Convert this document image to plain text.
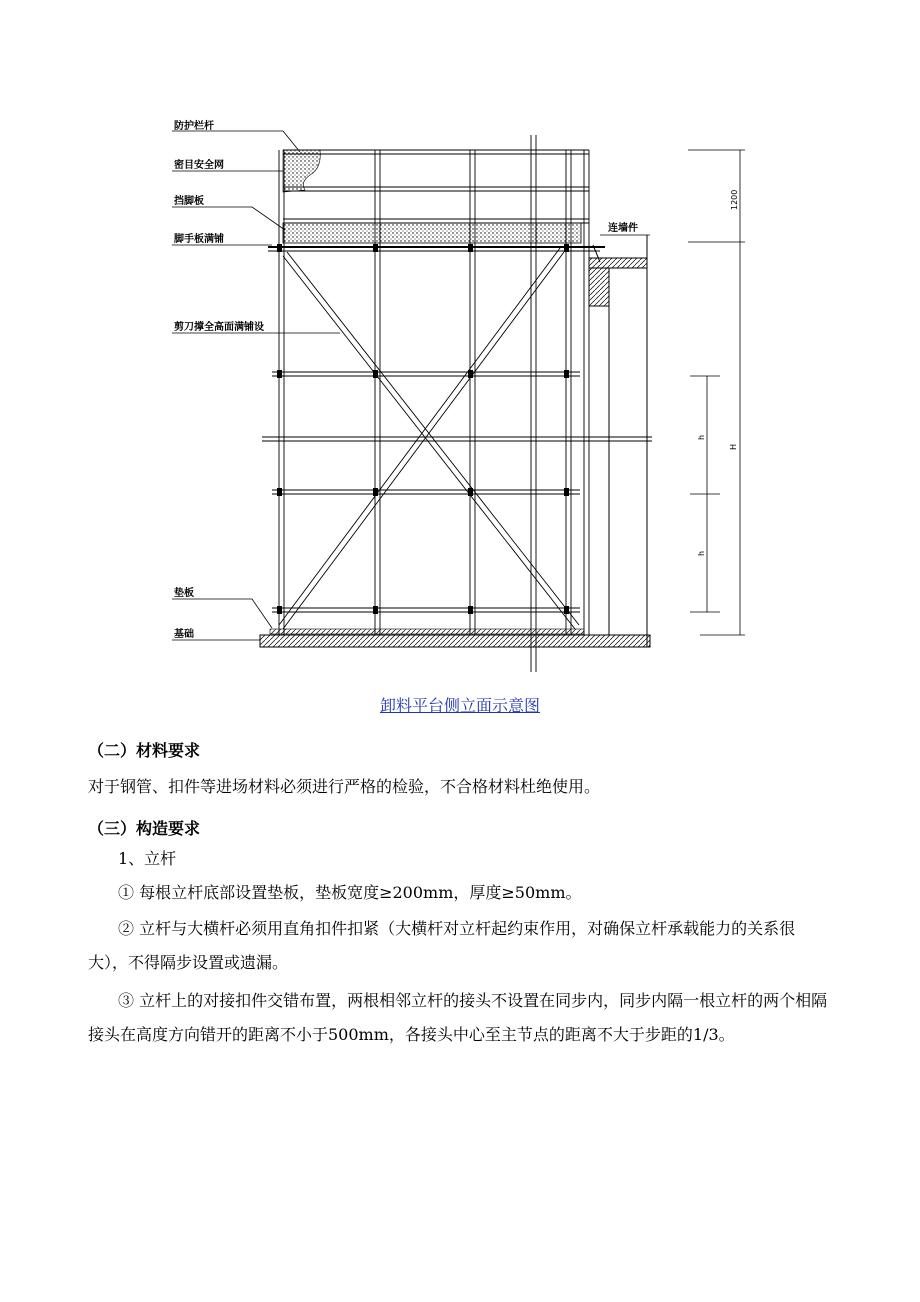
1200
h
h
H
防护栏杆
密目安全网
挡脚板
脚手板满铺
剪刀撑全高面满铺设
垫板
基础
连墙件
卸料平台侧立面示意图
（二）材料要求
对于钢管、扣件等进场材料必须进行严格的检验，不合格材料杜绝使用。
（三）构造要求
1、立杆
① 每根立杆底部设置垫板，垫板宽度≥200mm，厚度≥50mm。
② 立杆与大横杆必须用直角扣件扣紧（大横杆对立杆起约束作用，对确保立杆承载能力的关系很大），不得隔步设置或遗漏。
③ 立杆上的对接扣件交错布置，两根相邻立杆的接头不设置在同步内，同步内隔一根立杆的两个相隔接头在高度方向错开的距离不小于500mm，各接头中心至主节点的距离不大于步距的1/3。
